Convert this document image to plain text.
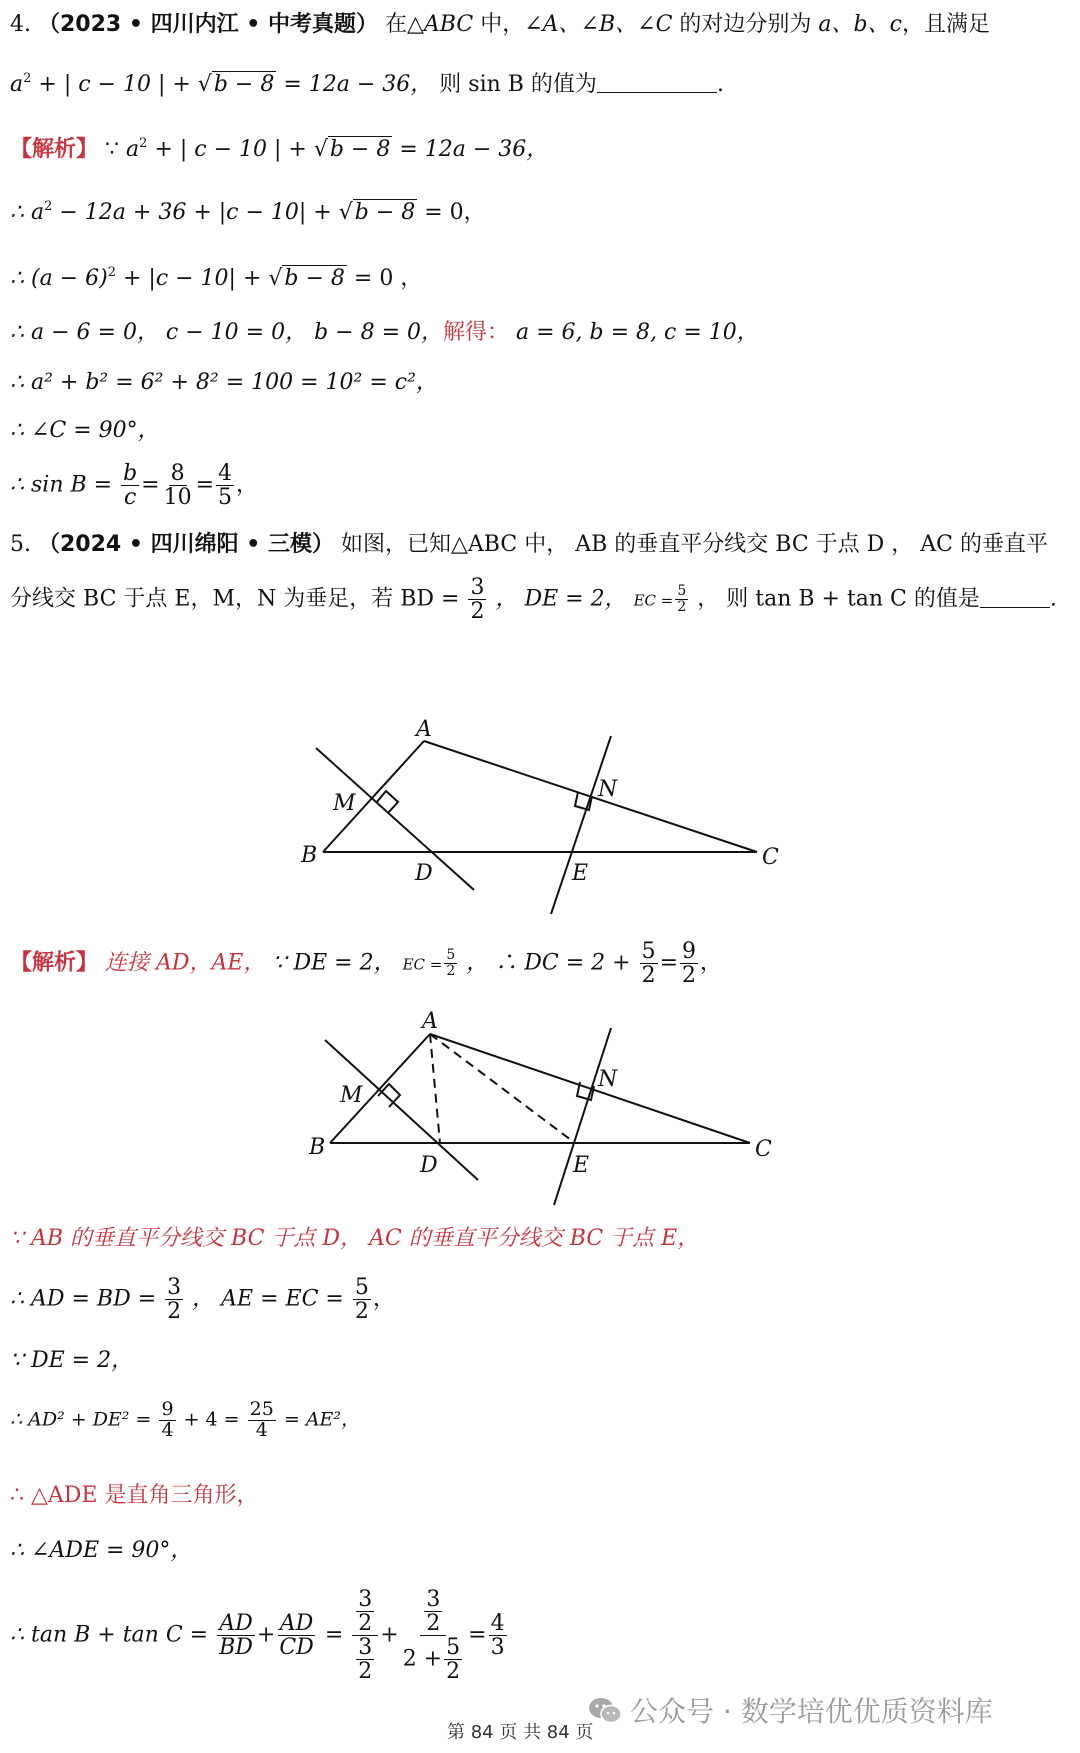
4. （2023 • 四川内江 • 中考真题） 在△ABC 中，∠A、∠B、∠C 的对边分别为 a、b、c，且满足
$a^2$ + | c − 10 | + √b − 8 = 12a − 36， 则 sin B 的值为	.
【解析】 ∵ $a^2$ + | c − 10 | + √b − 8 = 12a − 36，
∴ $a^2 - 12a + 36 + |c - 10| + √b - 8 = 0$，
∴ $(a - 6)^2 + |c - 10| + √b - 8 = 0$ ，
∴ a − 6 = 0， c − 10 = 0， b − 8 = 0，解得： a = 6, b = 8, c = 10，
∴ a² + b² = 6² + 8² = 100 = 10² = c²，
∴ ∠C = 90°，
∴ $\sin B = \frac{b}{c} = \frac{8}{10} = \frac{4}{5}$ ，
5. （2024 • 四川绵阳 • 三模） 如图，已知△ABC 中， AB 的垂直平分线交 BC 于点 D ， AC 的垂直平
分线交 BC 于点 E，M，N 为垂足，若 BD = $\frac{3}{2}$ ， DE = 2， EC = $\frac{5}{2}$ ， 则 tan B + tan C 的值是	.
A
B	C
D	E
M
N
【解析】 连接 AD，AE， ∵ DE = 2， EC = $\frac{5}{2}$ ， ∴ DC = $2 + \frac{5}{2} = \frac{9}{2}$ ，
A
B	C
D	E
M
N
∵ AB 的垂直平分线交 BC 于点 D， AC 的垂直平分线交 BC 于点 E，
∴ AD = BD = $\frac{3}{2}$ ， AE = EC = $\frac{5}{2}$ ，
∵ DE = 2，
∴ $AD^2 + DE^2 = \frac{9}{4} + 4 = \frac{25}{4} = AE^2$，
∴ △ADE 是直角三角形，
∴ ∠ADE = 90°，
∴ $\tan B + \tan C = \frac{AD}{BD} + \frac{AD}{CD} = \frac{\frac{3}{2}}{\frac{3}{2}} + \frac{\frac{3}{2}}{2 + \frac{5}{2}} = \frac{4}{3}$
公众号 · 数学培优优质资料库
第 84 页 共 84 页
